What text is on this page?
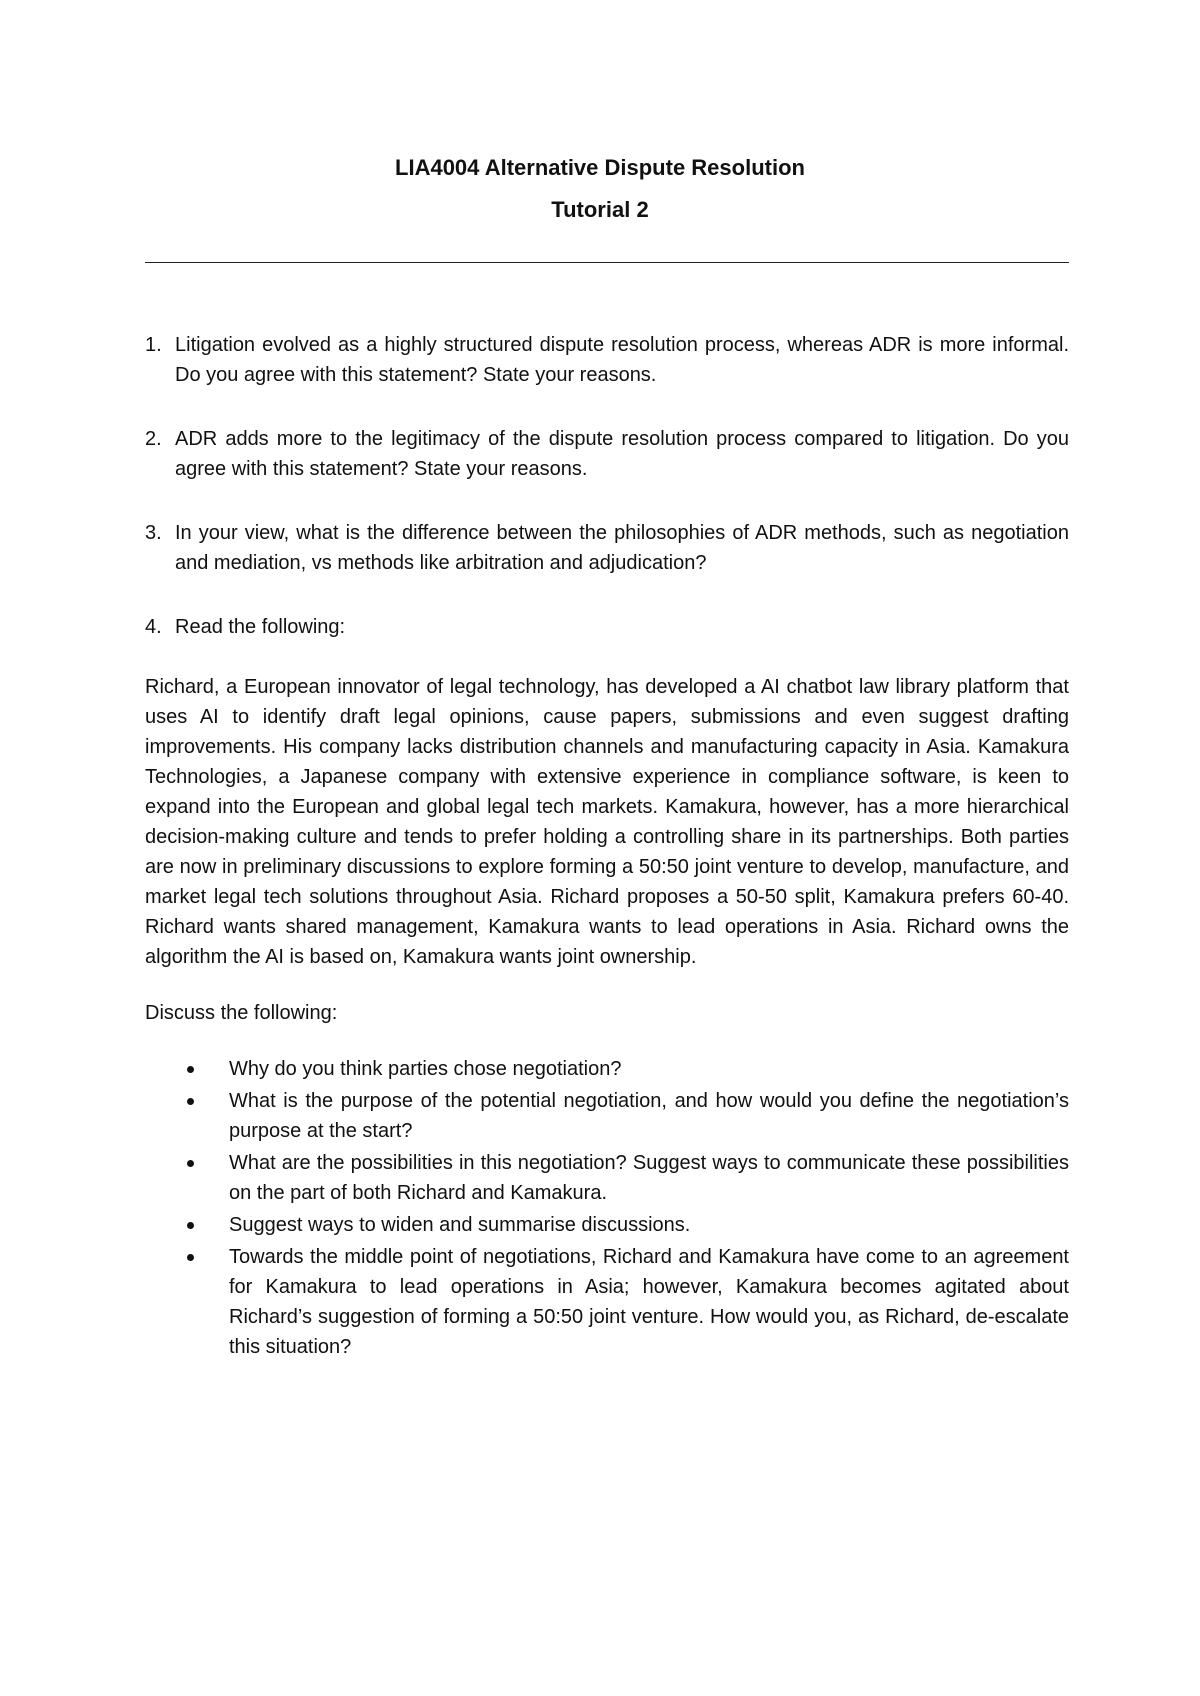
LIA4004 Alternative Dispute Resolution
Tutorial 2
1. Litigation evolved as a highly structured dispute resolution process, whereas ADR is more informal. Do you agree with this statement? State your reasons.
2. ADR adds more to the legitimacy of the dispute resolution process compared to litigation. Do you agree with this statement? State your reasons.
3. In your view, what is the difference between the philosophies of ADR methods, such as negotiation and mediation, vs methods like arbitration and adjudication?
4. Read the following:
Richard, a European innovator of legal technology, has developed a AI chatbot law library platform that uses AI to identify draft legal opinions, cause papers, submissions and even suggest drafting improvements. His company lacks distribution channels and manufacturing capacity in Asia. Kamakura Technologies, a Japanese company with extensive experience in compliance software, is keen to expand into the European and global legal tech markets. Kamakura, however, has a more hierarchical decision-making culture and tends to prefer holding a controlling share in its partnerships. Both parties are now in preliminary discussions to explore forming a 50:50 joint venture to develop, manufacture, and market legal tech solutions throughout Asia. Richard proposes a 50-50 split, Kamakura prefers 60-40. Richard wants shared management, Kamakura wants to lead operations in Asia. Richard owns the algorithm the AI is based on, Kamakura wants joint ownership.
Discuss the following:
Why do you think parties chose negotiation?
What is the purpose of the potential negotiation, and how would you define the negotiation’s purpose at the start?
What are the possibilities in this negotiation? Suggest ways to communicate these possibilities on the part of both Richard and Kamakura.
Suggest ways to widen and summarise discussions.
Towards the middle point of negotiations, Richard and Kamakura have come to an agreement for Kamakura to lead operations in Asia; however, Kamakura becomes agitated about Richard’s suggestion of forming a 50:50 joint venture. How would you, as Richard, de-escalate this situation?
